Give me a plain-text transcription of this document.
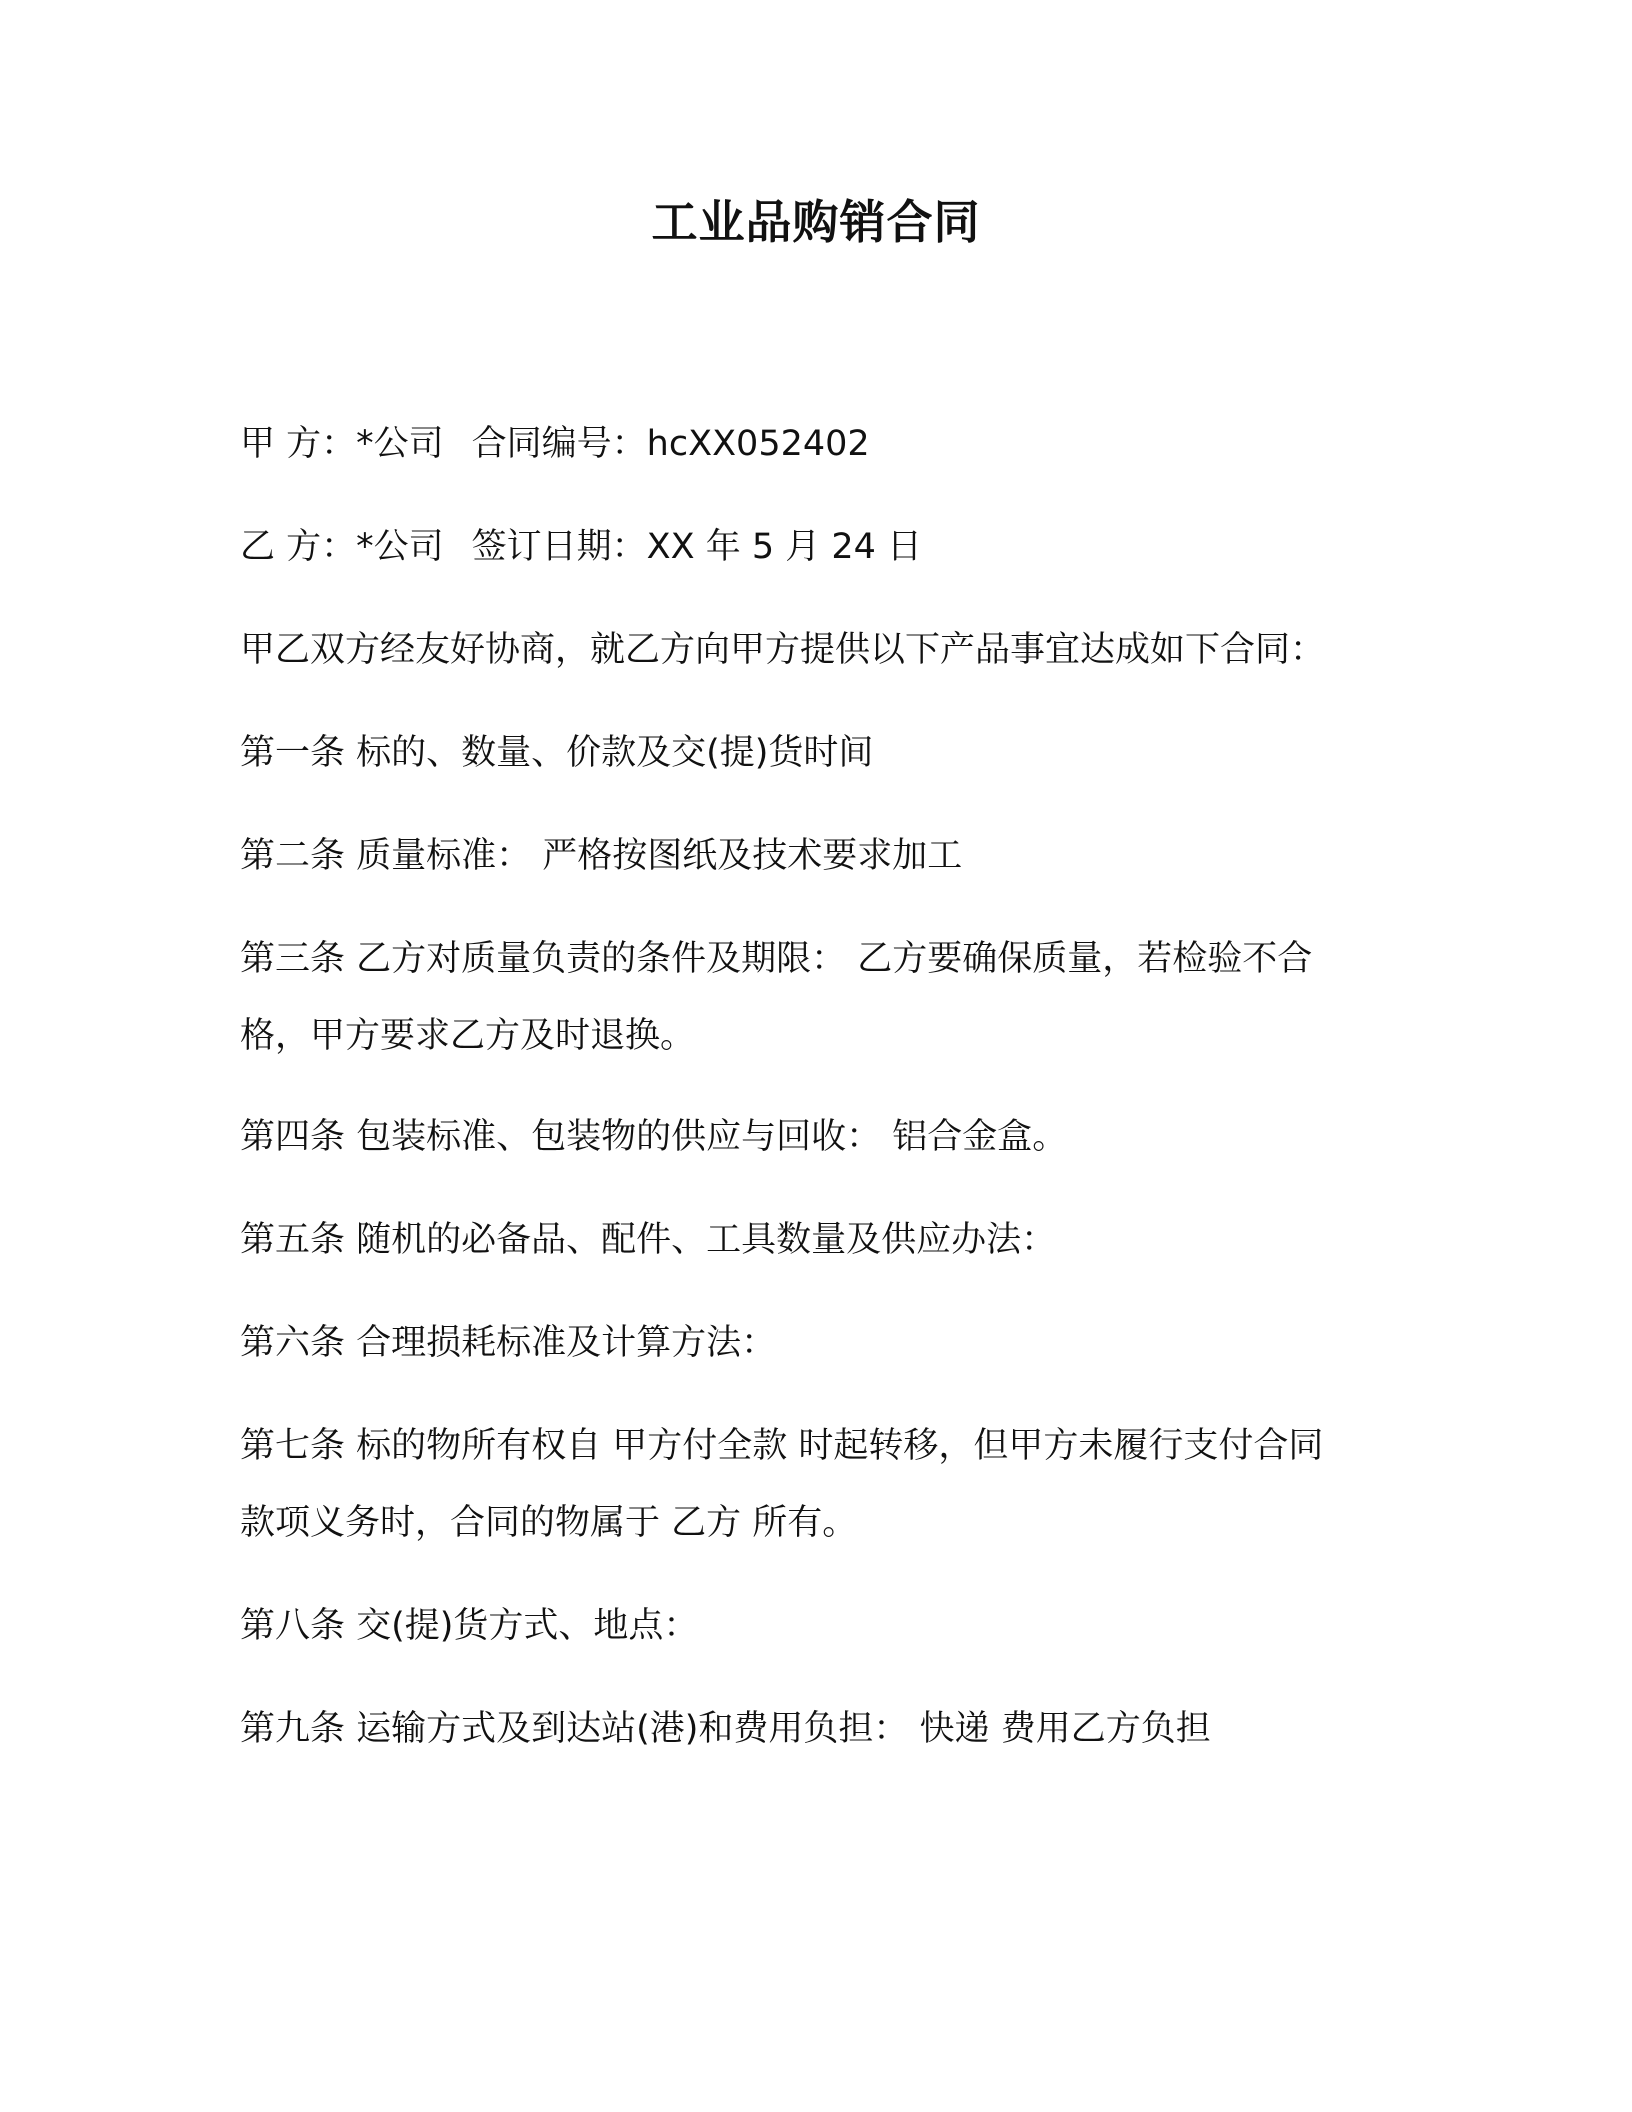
工业品购销合同

甲 方：*公司 合同编号：hcXX052402

乙 方：*公司 签订日期：XX 年 5 月 24 日

甲乙双方经友好协商，就乙方向甲方提供以下产品事宜达成如下合同：

第一条 标的、数量、价款及交(提)货时间

第二条 质量标准： 严格按图纸及技术要求加工

第三条 乙方对质量负责的条件及期限： 乙方要确保质量，若检验不合

格，甲方要求乙方及时退换。

第四条 包装标准、包装物的供应与回收： 铝合金盒。

第五条 随机的必备品、配件、工具数量及供应办法：

第六条 合理损耗标准及计算方法：

第七条 标的物所有权自 甲方付全款 时起转移，但甲方未履行支付合同

款项义务时，合同的物属于 乙方 所有。

第八条 交(提)货方式、地点：

第九条 运输方式及到达站(港)和费用负担： 快递 费用乙方负担
